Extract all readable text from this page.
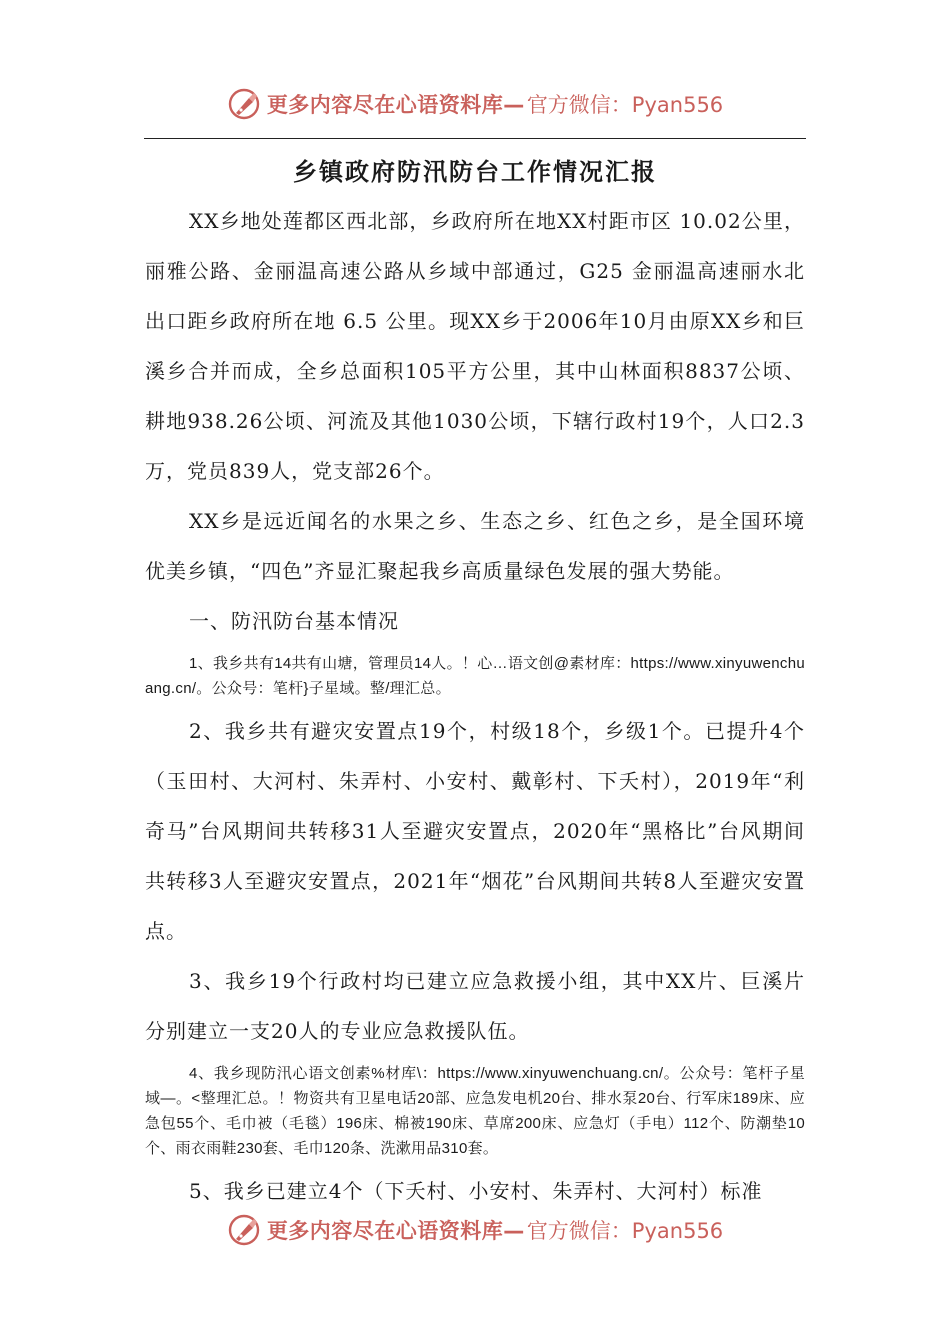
更多内容尽在心语资料库— 官方微信：Pyan556
乡镇政府防汛防台工作情况汇报

XX乡地处莲都区西北部，乡政府所在地XX村距市区 10.02公里，丽雅公路、金丽温高速公路从乡域中部通过，G25 金丽温高速丽水北出口距乡政府所在地 6.5 公里。现XX乡于2006年10月由原XX乡和巨溪乡合并而成，全乡总面积105平方公里，其中山林面积8837公顷、耕地938.26公顷、河流及其他1030公顷，下辖行政村19个，人口2.3万，党员839人，党支部26个。

XX乡是远近闻名的水果之乡、生态之乡、红色之乡，是全国环境优美乡镇，“四色”齐显汇聚起我乡高质量绿色发展的强大势能。

一、防汛防台基本情况

1、我乡共有14共有山塘，管理员14人。！心…语文创@素材库：https://www.xinyuwenchuang.cn/。公众号：笔杆}子星域。整/理汇总。

2、我乡共有避灾安置点19个，村级18个，乡级1个。已提升4个（玉田村、大河村、朱弄村、小安村、戴彰村、下夭村），2019年“利奇马”台风期间共转移31人至避灾安置点，2020年“黑格比”台风期间共转移3人至避灾安置点，2021年“烟花”台风期间共转8人至避灾安置点。

3、我乡19个行政村均已建立应急救援小组，其中XX片、巨溪片分别建立一支20人的专业应急救援队伍。

4、我乡现防汛心语文创素%材库\：https://www.xinyuwenchuang.cn/。公众号：笔杆子星域—。<整理汇总。！物资共有卫星电话20部、应急发电机20台、排水泵20台、行军床189床、应急包55个、毛巾被（毛毯）196床、棉被190床、草席200床、应急灯（手电）112个、防潮垫10个、雨衣雨鞋230套、毛巾120条、洗漱用品310套。

5、我乡已建立4个（下夭村、小安村、朱弄村、大河村）标准

更多内容尽在心语资料库— 官方微信：Pyan556
